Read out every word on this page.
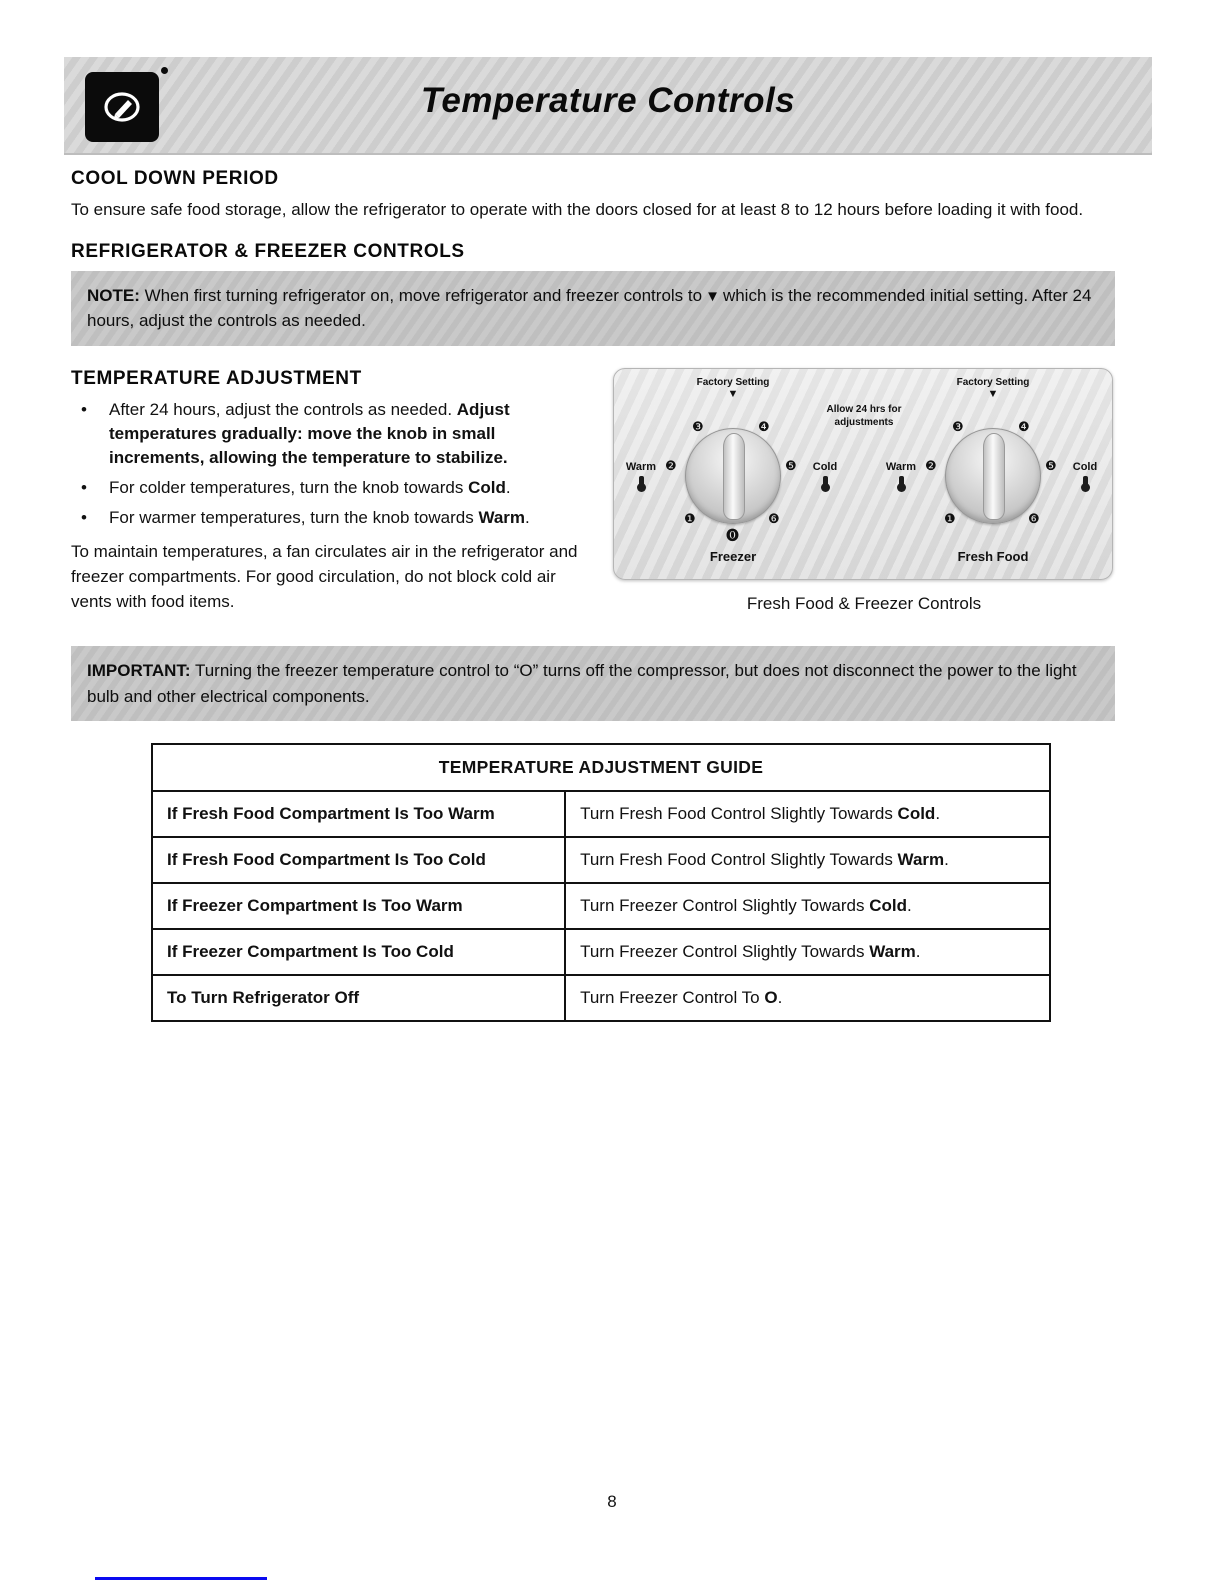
Temperature Controls
COOL DOWN PERIOD

To ensure safe food storage, allow the refrigerator to operate with the doors closed for at least 8 to 12 hours before loading it with food.

REFRIGERATOR & FREEZER CONTROLS
NOTE: When first turning refrigerator on, move refrigerator and freezer controls to ▼ which is the recommended initial setting. After 24 hours, adjust the controls as needed.
TEMPERATURE ADJUSTMENT
• After 24 hours, adjust the controls as needed. Adjust temperatures gradually: move the knob in small increments, allowing the temperature to stabilize.
• For colder temperatures, turn the knob towards Cold.
• For warmer temperatures, turn the knob towards Warm.

To maintain temperatures, a fan circulates air in the refrigerator and freezer compartments. For good circulation, do not block cold air vents with food items.

Allow 24 hrs for adjustments
Factory Setting
▼
❸	❹
❷	❺
❶	❻
⓿
Warm	Cold
Freezer
Factory Setting
▼
❸	❹
❷	❺
❶	❻
Warm	Cold
Fresh Food
Fresh Food & Freezer Controls
IMPORTANT: Turning the freezer temperature control to “O” turns off the compressor, but does not disconnect the power to the light bulb and other electrical components.
TEMPERATURE ADJUSTMENT GUIDE	
If Fresh Food Compartment Is Too Warm	Turn Fresh Food Control Slightly Towards Cold.
If Fresh Food Compartment Is Too Cold	Turn Fresh Food Control Slightly Towards Warm.
If Freezer Compartment Is Too Warm	Turn Freezer Control Slightly Towards Cold.
If Freezer Compartment Is Too Cold	Turn Freezer Control Slightly Towards Warm.
To Turn Refrigerator Off	Turn Freezer Control To O.
8
